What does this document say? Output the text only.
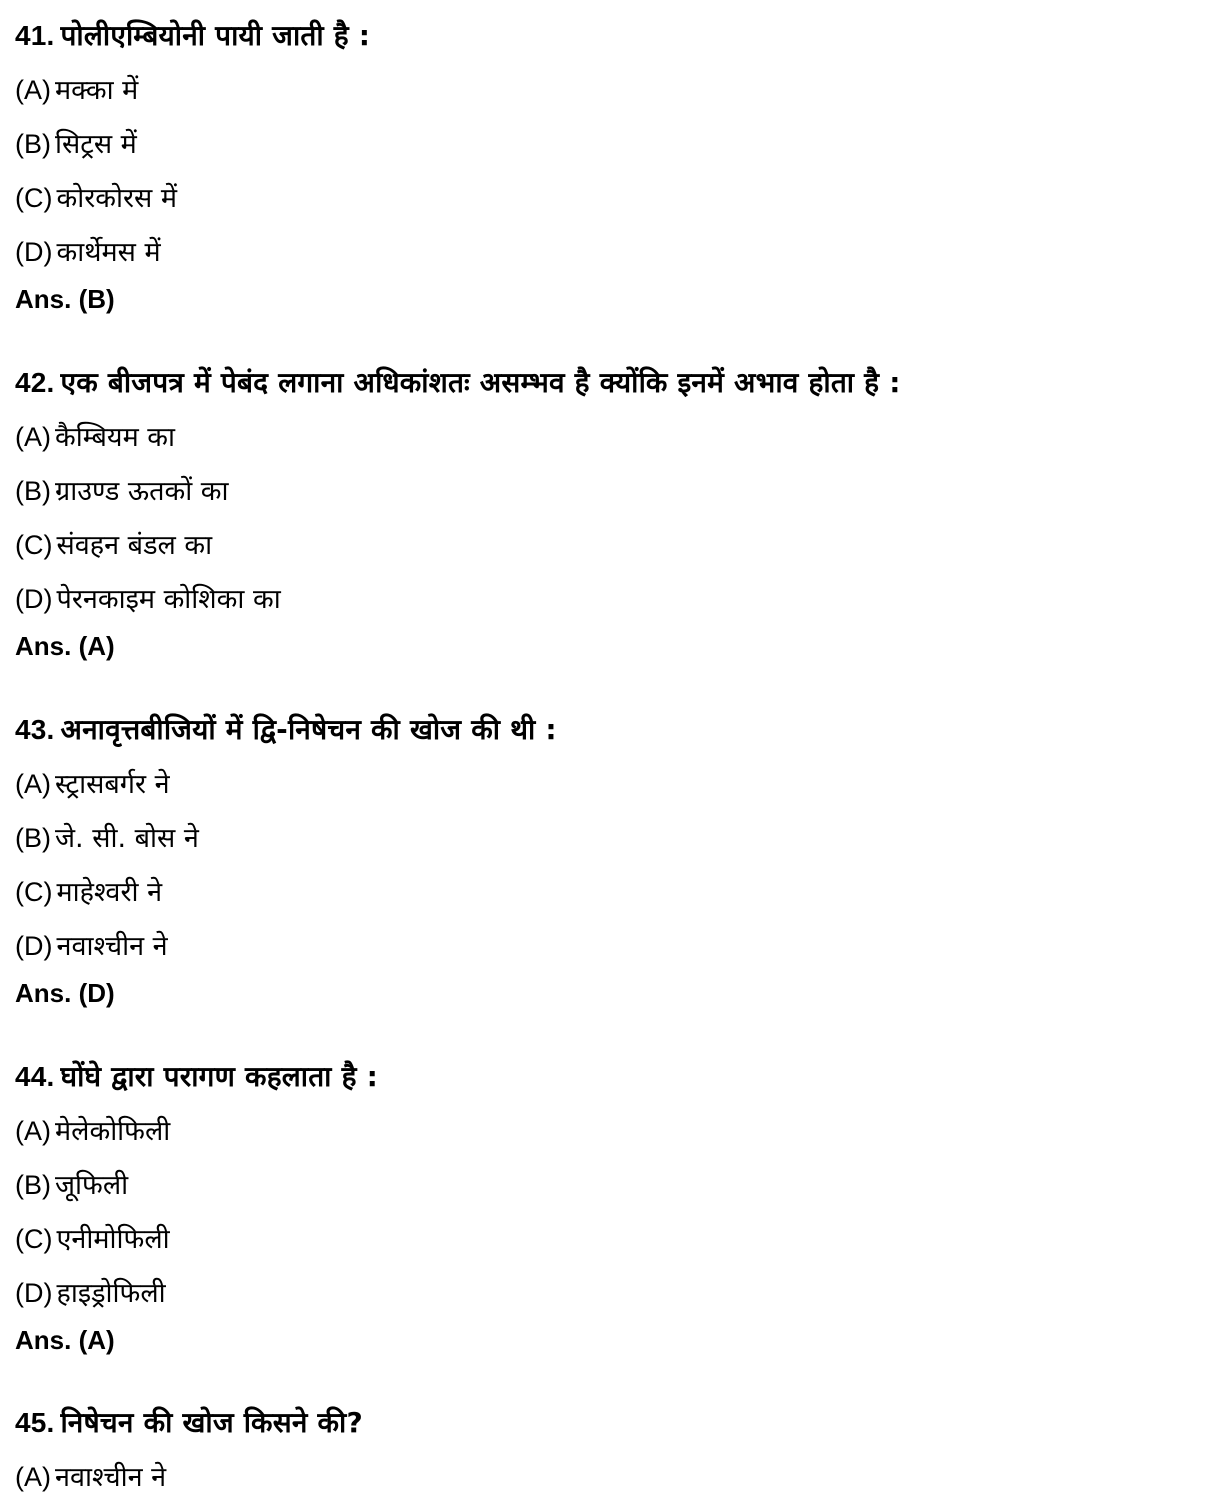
41. पोलीएम्बियोनी पायी जाती है :
(A) मक्का में
(B) सिट्रस में
(C) कोरकोरस में
(D) कार्थेमस में
Ans. (B)
42. एक बीजपत्र में पेबंद लगाना अधिकांशतः असम्भव है क्योंकि इनमें अभाव होता है :
(A) कैम्बियम का
(B) ग्राउण्ड ऊतकों का
(C) संवहन बंडल का
(D) पेरनकाइम कोशिका का
Ans. (A)
43. अनावृत्तबीजियों में द्वि-निषेचन की खोज की थी :
(A) स्ट्रासबर्गर ने
(B) जे. सी. बोस ने
(C) माहेश्वरी ने
(D) नवाश्चीन ने
Ans. (D)
44. घोंघे द्वारा परागण कहलाता है :
(A) मेलेकोफिली
(B) जूफिली
(C) एनीमोफिली
(D) हाइड्रोफिली
Ans. (A)
45. निषेचन की खोज किसने की?
(A) नवाश्चीन ने
